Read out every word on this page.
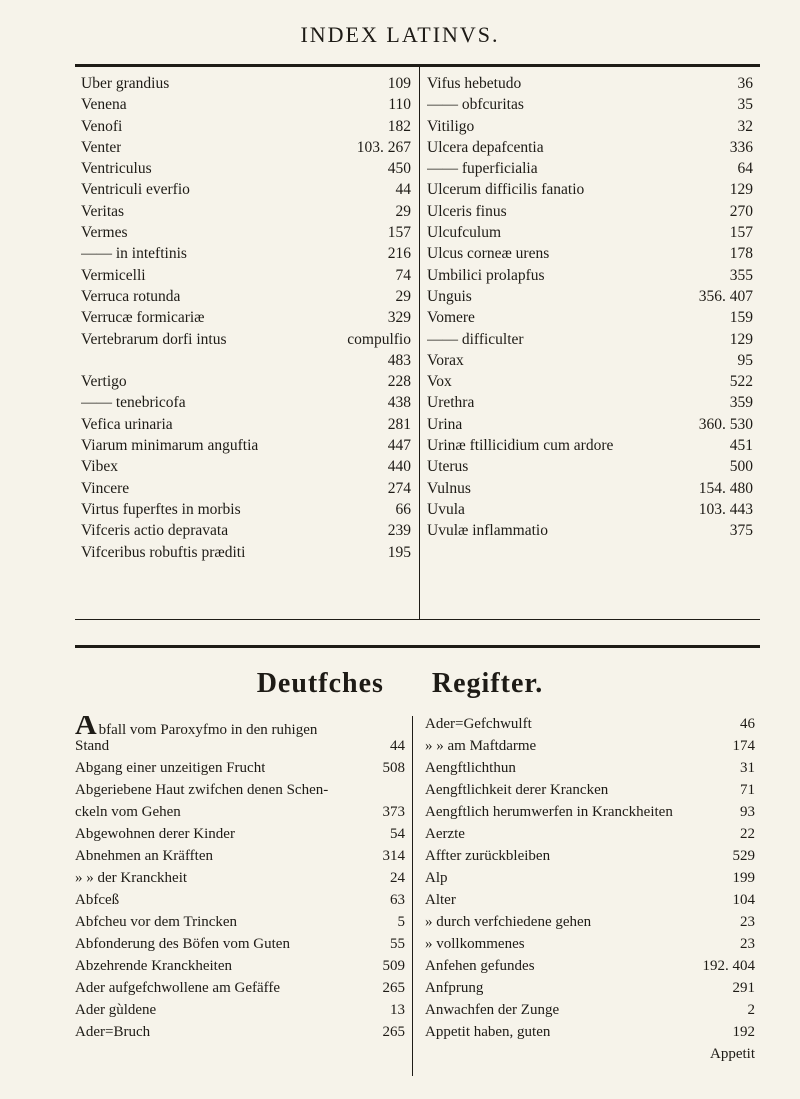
INDEX LATINVS.
Uber grandius	109
Venena	110
Venofi	182
Venter	103. 267
Ventriculus	450
Ventriculi everfio	44
Veritas	29
Vermes	157
—— in inteftinis	216
Vermicelli	74
Verruca rotunda	29
Verrucæ formicariæ	329
Vertebrarum dorfi intus	compulfio
483
Vertigo	228
—— tenebricofa	438
Vefica urinaria	281
Viarum minimarum anguftia	447
Vibex	440
Vincere	274
Virtus fuperftes in morbis	66
Vifceris actio depravata	239
Vifceribus robuftis præditi	195
Vifus hebetudo	36
—— obfcuritas	35
Vitiligo	32
Ulcera depafcentia	336
—— fuperficialia	64
Ulcerum difficilis fanatio	129
Ulceris finus	270
Ulcufculum	157
Ulcus corneæ urens	178
Umbilici prolapfus	355
Unguis	356. 407
Vomere	159
—— difficulter	129
Vorax	95
Vox	522
Urethra	359
Urina	360. 530
Urinæ ftillicidium cum ardore	451
Uterus	500
Vulnus	154. 480
Uvula	103. 443
Uvulæ inflammatio	375
Deutfches Regifter.
Abfall vom Paroxyfmo in den ruhigen
Stand	44
Abgang einer unzeitigen Frucht	508
Abgeriebene Haut zwifchen denen Schen-
ckeln vom Gehen	373
Abgewohnen derer Kinder	54
Abnehmen an Kräfften	314
» » der Kranckheit	24
Abfceß	63
Abfcheu vor dem Trincken	5
Abfonderung des Böfen vom Guten	55
Abzehrende Kranckheiten	509
Ader aufgefchwollene am Gefäffe	265
Ader gùldene	13
Ader=Bruch	265
Ader=Gefchwulft	46
» » am Maftdarme	174
Aengftlichthun	31
Aengftlichkeit derer Krancken	71
Aengftlich herumwerfen in Kranckheiten	93
Aerzte	22
Affter zurückbleiben	529
Alp	199
Alter	104
» durch verfchiedene gehen	23
» vollkommenes	23
Anfehen gefundes	192. 404
Anfprung	291
Anwachfen der Zunge	2
Appetit haben, guten	192
Appetit
